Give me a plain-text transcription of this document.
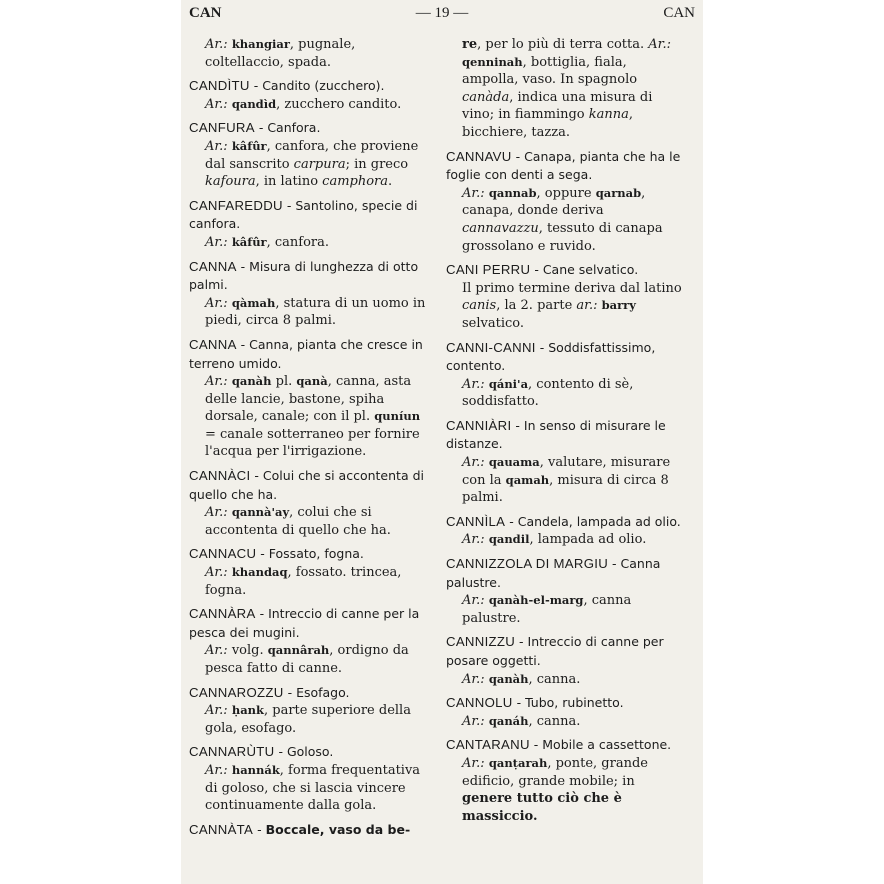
CAN	— 19 —	CAN
Ar.: khangiar, pugnale, coltellaccio, spada.
CANDÌTU - Candito (zucchero).
Ar.: qandìd, zucchero candito.
CANFURA - Canfora.
Ar.: kâfûr, canfora, che proviene dal sanscrito carpura; in greco kafoura, in latino camphora.
CANFAREDDU - Santolino, specie di canfora.
Ar.: kâfûr, canfora.
CANNA - Misura di lunghezza di otto palmi.
Ar.: qàmah, statura di un uomo in piedi, circa 8 palmi.
CANNA - Canna, pianta che cresce in terreno umido.
Ar.: qanàh pl. qanà, canna, asta delle lancie, bastone, spiha dorsale, canale; con il pl. quníun = canale sotterraneo per fornire l'acqua per l'irrigazione.
CANNÀCI - Colui che si accontenta di quello che ha.
Ar.: qannà'ay, colui che si accontenta di quello che ha.
CANNACU - Fossato, fogna.
Ar.: khandaq, fossato. trincea, fogna.
CANNÀRA - Intreccio di canne per la pesca dei mugini.
Ar.: volg. qannârah, ordigno da pesca fatto di canne.
CANNAROZZU - Esofago.
Ar.: ḥank, parte superiore della gola, esofago.
CANNARÙTU - Goloso.
Ar.: hannák, forma frequentativa di goloso, che si lascia vincere continuamente dalla gola.
CANNÀTA - Boccale, vaso da be-
re, per lo più di terra cotta. Ar.: qenninah, bottiglia, fiala, ampolla, vaso. In spagnolo canàda, indica una misura di vino; in fiammingo kanna, bicchiere, tazza.
CANNAVU - Canapa, pianta che ha le foglie con denti a sega.
Ar.: qannab, oppure qarnab, canapa, donde deriva cannavazzu, tessuto di canapa grossolano e ruvido.
CANI PERRU - Cane selvatico.
Il primo termine deriva dal latino canis, la 2. parte ar.: barry selvatico.
CANNI-CANNI - Soddisfattissimo, contento.
Ar.: qáni'a, contento di sè, soddisfatto.
CANNIÀRI - In senso di misurare le distanze.
Ar.: qauama, valutare, misurare con la qamah, misura di circa 8 palmi.
CANNÌLA - Candela, lampada ad olio.
Ar.: qandil, lampada ad olio.
CANNIZZOLA DI MARGIU - Canna palustre.
Ar.: qanàh-el-marg, canna palustre.
CANNIZZU - Intreccio di canne per posare oggetti.
Ar.: qanàh, canna.
CANNOLU - Tubo, rubinetto.
Ar.: qanáh, canna.
CANTARANU - Mobile a cassettone.
Ar.: qanṭarah, ponte, grande edificio, grande mobile; in genere tutto ciò che è massiccio.
